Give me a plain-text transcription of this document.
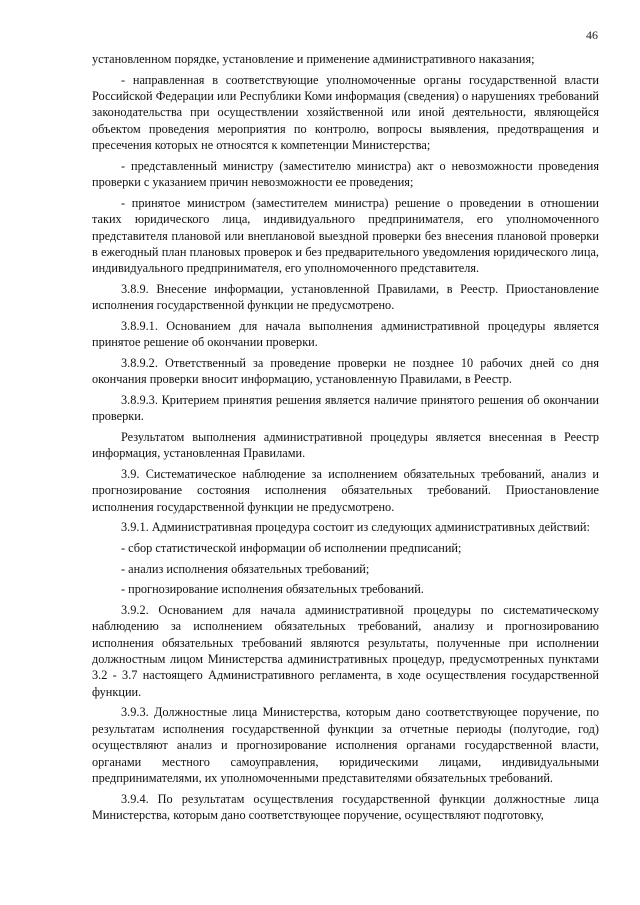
46

установленном порядке, установление и применение административного наказания;

- направленная в соответствующие уполномоченные органы государственной власти Российской Федерации или Республики Коми информация (сведения) о нарушениях требований законодательства при осуществлении хозяйственной или иной деятельности, являющейся объектом проведения мероприятия по контролю, вопросы выявления, предотвращения и пресечения которых не относятся к компетенции Министерства;

- представленный министру (заместителю министра) акт о невозможности проведения проверки с указанием причин невозможности ее проведения;

- принятое министром (заместителем министра) решение о проведении в отношении таких юридического лица, индивидуального предпринимателя, его уполномоченного представителя плановой или внеплановой выездной проверки без внесения плановой проверки в ежегодный план плановых проверок и без предварительного уведомления юридического лица, индивидуального предпринимателя, его уполномоченного представителя.

3.8.9. Внесение информации, установленной Правилами, в Реестр. Приостановление исполнения государственной функции не предусмотрено.

3.8.9.1. Основанием для начала выполнения административной процедуры является принятое решение об окончании проверки.

3.8.9.2. Ответственный за проведение проверки не позднее 10 рабочих дней со дня окончания проверки вносит информацию, установленную Правилами, в Реестр.

3.8.9.3. Критерием принятия решения является наличие принятого решения об окончании проверки.

Результатом выполнения административной процедуры является внесенная в Реестр информация, установленная Правилами.

3.9. Систематическое наблюдение за исполнением обязательных требований, анализ и прогнозирование состояния исполнения обязательных требований. Приостановление исполнения государственной функции не предусмотрено.

3.9.1. Административная процедура состоит из следующих административных действий:

- сбор статистической информации об исполнении предписаний;

- анализ исполнения обязательных требований;

- прогнозирование исполнения обязательных требований.

3.9.2. Основанием для начала административной процедуры по систематическому наблюдению за исполнением обязательных требований, анализу и прогнозированию исполнения обязательных требований являются результаты, полученные при исполнении должностным лицом Министерства административных процедур, предусмотренных пунктами 3.2 - 3.7 настоящего Административного регламента, в ходе осуществления государственной функции.

3.9.3. Должностные лица Министерства, которым дано соответствующее поручение, по результатам исполнения государственной функции за отчетные периоды (полугодие, год) осуществляют анализ и прогнозирование исполнения органами государственной власти, органами местного самоуправления, юридическими лицами, индивидуальными предпринимателями, их уполномоченными представителями обязательных требований.

3.9.4. По результатам осуществления государственной функции должностные лица Министерства, которым дано соответствующее поручение, осуществляют подготовку,
